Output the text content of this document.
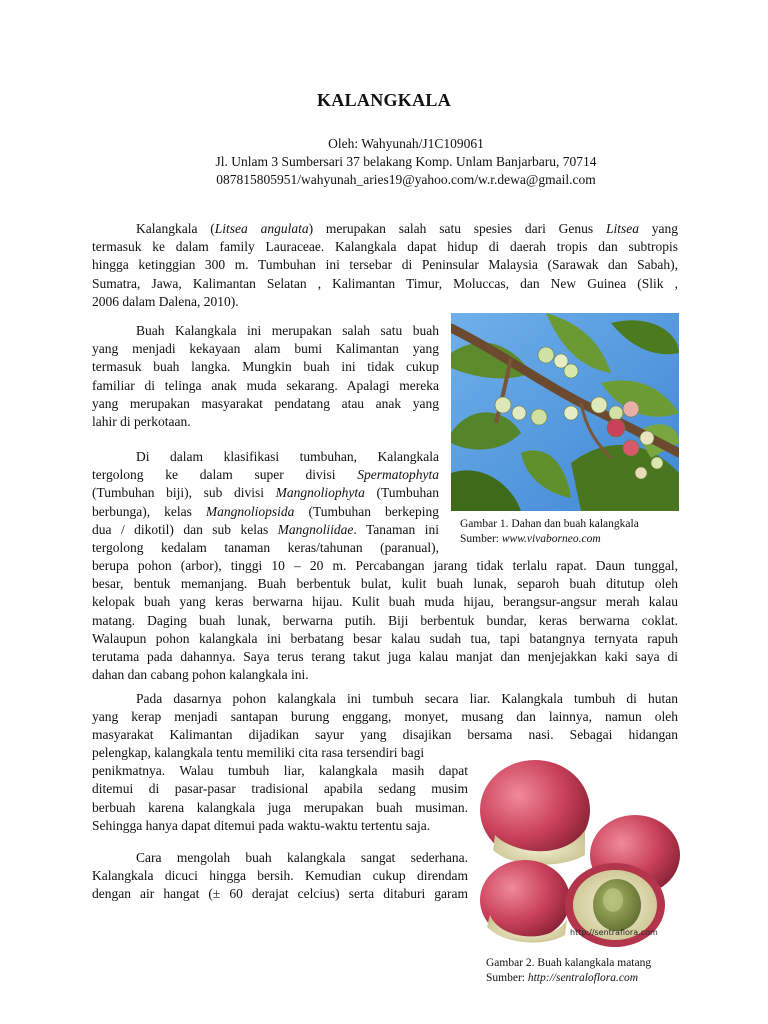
KALANGKALA
Oleh: Wahyunah/J1C109061
Jl. Unlam 3 Sumbersari 37 belakang Komp. Unlam Banjarbaru, 70714
087815805951/wahyunah_aries19@yahoo.com/w.r.dewa@gmail.com
Kalangkala (Litsea angulata) merupakan salah satu spesies dari Genus Litsea yang
termasuk ke dalam family Lauraceae. Kalangkala dapat hidup di daerah tropis dan subtropis
hingga ketinggian 300 m. Tumbuhan ini tersebar di Peninsular Malaysia (Sarawak dan Sabah),
Sumatra, Jawa, Kalimantan Selatan , Kalimantan Timur, Moluccas, dan New Guinea (Slik ,
2006 dalam Dalena, 2010).
Buah Kalangkala ini merupakan salah satu buah
yang menjadi kekayaan alam bumi Kalimantan yang
termasuk buah langka. Mungkin buah ini tidak cukup
familiar di telinga anak muda sekarang. Apalagi mereka
yang merupakan masyarakat pendatang atau anak yang
lahir di perkotaan.
Di dalam klasifikasi tumbuhan, Kalangkala
tergolong ke dalam super divisi Spermatophyta
(Tumbuhan biji), sub divisi Mangnoliophyta (Tumbuhan
berbunga), kelas Mangnoliopsida (Tumbuhan berkeping
dua / dikotil) dan sub kelas Mangnoliidae. Tanaman ini
tergolong kedalam tanaman keras/tahunan (paranual),
berupa pohon (arbor), tinggi 10 – 20 m. Percabangan jarang tidak terlalu rapat. Daun tunggal,
besar, bentuk memanjang. Buah berbentuk bulat, kulit buah lunak, separoh buah ditutup oleh
kelopak buah yang keras berwarna hijau. Kulit buah muda hijau, berangsur-angsur merah kalau
matang. Daging buah lunak, berwarna putih. Biji berbentuk bundar, keras berwarna coklat.
Walaupun pohon kalangkala ini berbatang besar kalau sudah tua, tapi batangnya ternyata rapuh
terutama pada dahannya. Saya terus terang takut juga kalau manjat dan menjejakkan kaki saya di
dahan dan cabang pohon kalangkala ini.
Gambar 1. Dahan dan buah kalangkala
Sumber: www.vivaborneo.com
Pada dasarnya pohon kalangkala ini tumbuh secara liar. Kalangkala tumbuh di hutan
yang kerap menjadi santapan burung enggang, monyet, musang dan lainnya, namun oleh
masyarakat Kalimantan dijadikan sayur yang disajikan bersama nasi. Sebagai hidangan
pelengkap, kalangkala tentu memiliki cita rasa tersendiri bagi
penikmatnya. Walau tumbuh liar, kalangkala masih dapat
ditemui di pasar-pasar tradisional apabila sedang musim
berbuah karena kalangkala juga merupakan buah musiman.
Sehingga hanya dapat ditemui pada waktu-waktu tertentu saja.
Cara mengolah buah kalangkala sangat sederhana.
Kalangkala dicuci hingga bersih. Kemudian cukup direndam
dengan air hangat (± 60 derajat celcius) serta ditaburi garam
http://sentraflora.com
Gambar 2. Buah kalangkala matang
Sumber: http://sentraloflora.com
